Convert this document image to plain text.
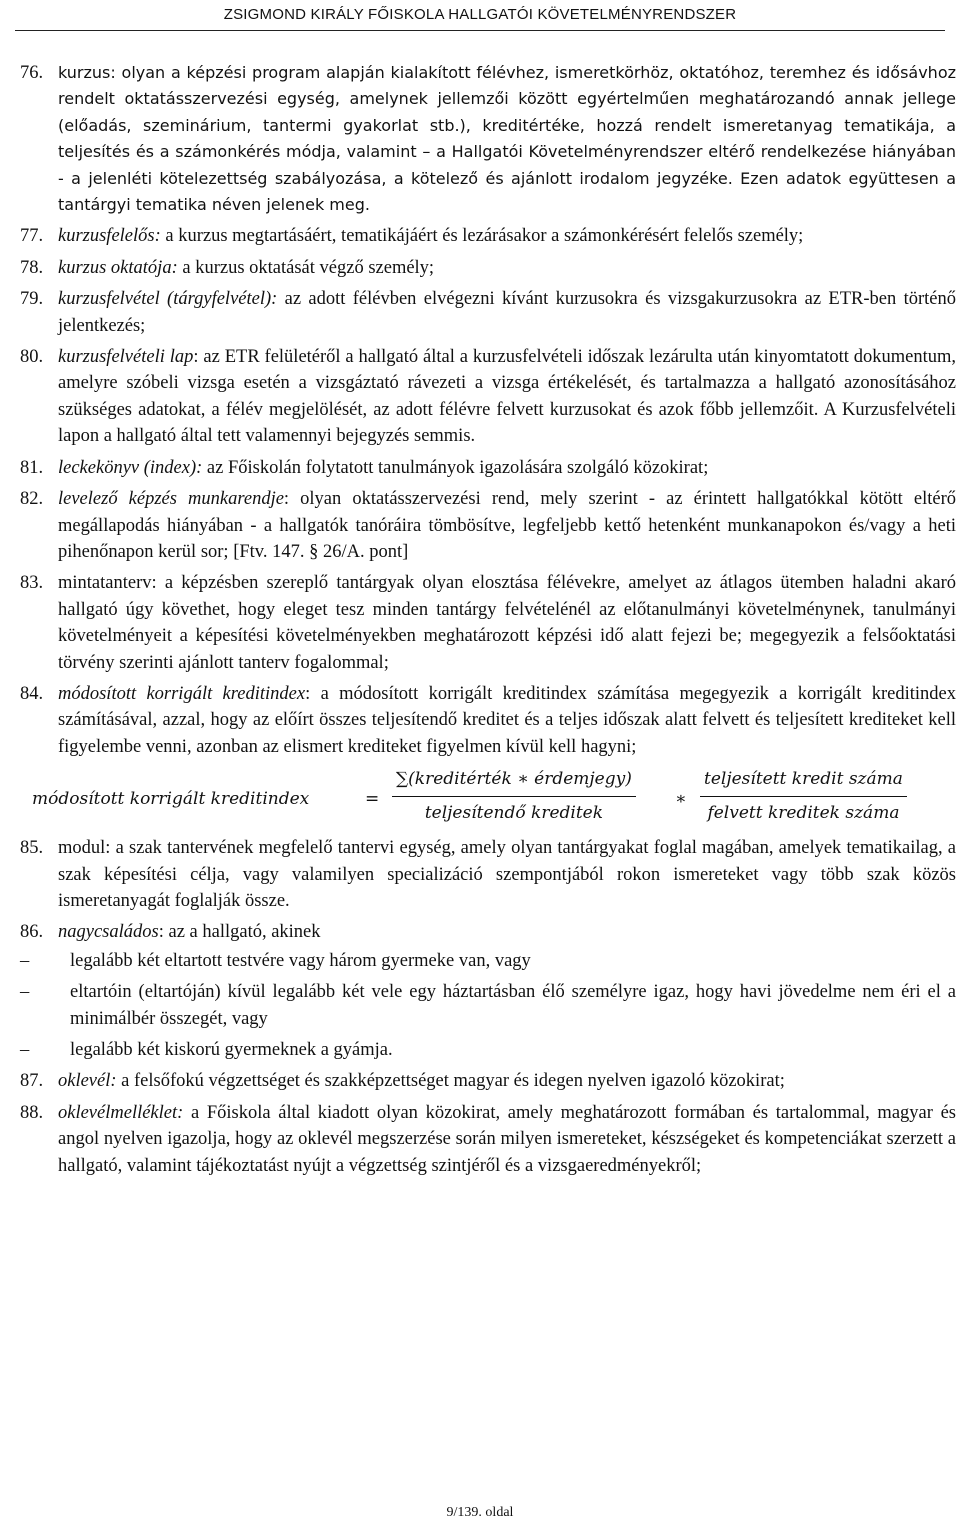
ZSIGMOND KIRÁLY FŐISKOLA HALLGATÓI KÖVETELMÉNYRENDSZER
76. kurzus: olyan a képzési program alapján kialakított félévhez, ismeretkörhöz, oktatóhoz, teremhez és idősávhoz rendelt oktatásszervezési egység, amelynek jellemzői között egyértelműen meghatározandó annak jellege (előadás, szeminárium, tantermi gyakorlat stb.), kreditértéke, hozzá rendelt ismeretanyag tematikája, a teljesítés és a számonkérés módja, valamint – a Hallgatói Követelményrendszer eltérő rendelkezése hiányában - a jelenléti kötelezettség szabályozása, a kötelező és ajánlott irodalom jegyzéke. Ezen adatok együttesen a tantárgyi tematika néven jelenek meg.
77. kurzusfelelős: a kurzus megtartásáért, tematikájáért és lezárásakor a számonkérésért felelős személy;
78. kurzus oktatója: a kurzus oktatását végző személy;
79. kurzusfelvétel (tárgyfelvétel): az adott félévben elvégezni kívánt kurzusokra és vizsgakurzusokra az ETR-ben történő jelentkezés;
80. kurzusfelvételi lap: az ETR felületéről a hallgató által a kurzusfelvételi időszak lezárulta után kinyomtatott dokumentum, amelyre szóbeli vizsga esetén a vizsgáztató rávezeti a vizsga értékelését, és tartalmazza a hallgató azonosításához szükséges adatokat, a félév megjelölését, az adott félévre felvett kurzusokat és azok főbb jellemzőit. A Kurzusfelvételi lapon a hallgató által tett valamennyi bejegyzés semmis.
81. leckekönyv (index): az Főiskolán folytatott tanulmányok igazolására szolgáló közokirat;
82. levelező képzés munkarendje: olyan oktatásszervezési rend, mely szerint - az érintett hallgatókkal kötött eltérő megállapodás hiányában - a hallgatók tanóráira tömbösítve, legfeljebb kettő hetenként munkanapokon és/vagy a heti pihenőnapon kerül sor; [Ftv. 147. § 26/A. pont]
83. mintatanterv: a képzésben szereplő tantárgyak olyan elosztása félévekre, amelyet az átlagos ütemben haladni akaró hallgató úgy követhet, hogy eleget tesz minden tantárgy felvételénél az előtanulmányi követelménynek, tanulmányi követelményeit a képesítési követelményekben meghatározott képzési idő alatt fejezi be; megegyezik a felsőoktatási törvény szerinti ajánlott tanterv fogalommal;
84. módosított korrigált kreditindex: a módosított korrigált kreditindex számítása megegyezik a korrigált kreditindex számításával, azzal, hogy az előírt összes teljesítendő kreditet és a teljes időszak alatt felvett és teljesített krediteket kell figyelembe venni, azonban az elismert krediteket figyelmen kívül kell hagyni;
módosított korrigált kreditindex	=
∑(kreditérték ∗ érdemjegy)
teljesítendő kreditek
∗
teljesített kredit száma
felvett kreditek száma
85. modul: a szak tantervének megfelelő tantervi egység, amely olyan tantárgyakat foglal magában, amelyek tematikailag, a szak képesítési célja, vagy valamilyen specializáció szempontjából rokon ismereteket vagy több szak közös ismeretanyagát foglalják össze.
86. nagycsaládos: az a hallgató, akinek
– legalább két eltartott testvére vagy három gyermeke van, vagy
– eltartóin (eltartóján) kívül legalább két vele egy háztartásban élő személyre igaz, hogy havi jövedelme nem éri el a minimálbér összegét, vagy
– legalább két kiskorú gyermeknek a gyámja.
87. oklevél: a felsőfokú végzettséget és szakképzettséget magyar és idegen nyelven igazoló közokirat;
88. oklevélmelléklet: a Főiskola által kiadott olyan közokirat, amely meghatározott formában és tartalommal, magyar és angol nyelven igazolja, hogy az oklevél megszerzése során milyen ismereteket, készségeket és kompetenciákat szerzett a hallgató, valamint tájékoztatást nyújt a végzettség szintjéről és a vizsgaeredményekről;
9/139. oldal
